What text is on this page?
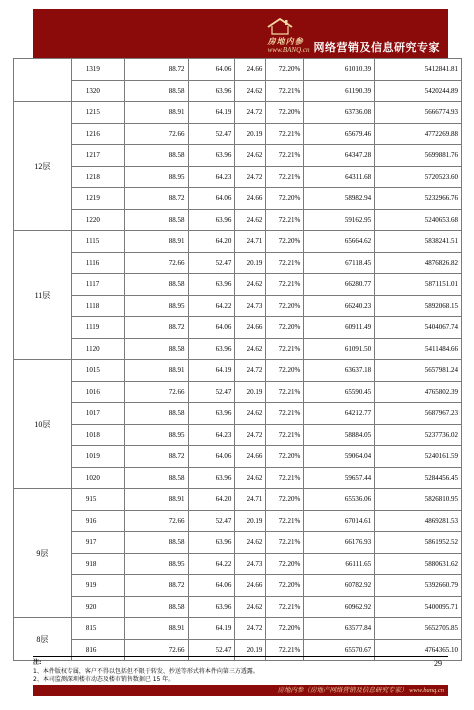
房地内参
www.BANQ.cn 网络营销及信息研究专家
	1319	88.72	64.06	24.66	72.20%	61010.39	5412841.81
	1320	88.58	63.96	24.62	72.21%	61190.39	5420244.89
12层	1215	88.91	64.19	24.72	72.20%	63736.08	5666774.93
	1216	72.66	52.47	20.19	72.21%	65679.46	4772269.88
	1217	88.58	63.96	24.62	72.21%	64347.28	5699881.76
	1218	88.95	64.23	24.72	72.21%	64311.68	5720523.60
	1219	88.72	64.06	24.66	72.20%	58982.94	5232966.76
	1220	88.58	63.96	24.62	72.21%	59162.95	5240653.68
11层	1115	88.91	64.20	24.71	72.20%	65664.62	5838241.51
	1116	72.66	52.47	20.19	72.21%	67118.45	4876826.82
	1117	88.58	63.96	24.62	72.21%	66280.77	5871151.01
	1118	88.95	64.22	24.73	72.20%	66240.23	5892068.15
	1119	88.72	64.06	24.66	72.20%	60911.49	5404067.74
	1120	88.58	63.96	24.62	72.21%	61091.50	5411484.66
10层	1015	88.91	64.19	24.72	72.20%	63637.18	5657981.24
	1016	72.66	52.47	20.19	72.21%	65590.45	4765802.39
	1017	88.58	63.96	24.62	72.21%	64212.77	5687967.23
	1018	88.95	64.23	24.72	72.21%	58884.05	5237736.02
	1019	88.72	64.06	24.66	72.20%	59064.04	5240161.59
	1020	88.58	63.96	24.62	72.21%	59657.44	5284456.45
9层	915	88.91	64.20	24.71	72.20%	65536.06	5826810.95
	916	72.66	52.47	20.19	72.21%	67014.61	4869281.53
	917	88.58	63.96	24.62	72.21%	66176.93	5861952.52
	918	88.95	64.22	24.73	72.20%	66111.65	5880631.62
	919	88.72	64.06	24.66	72.20%	60782.92	5392660.79
	920	88.58	63.96	24.62	72.21%	60962.92	5400095.71
8层	815	88.91	64.19	24.72	72.20%	63577.84	5652705.85
	816	72.66	52.47	20.19	72.21%	65570.67	4764365.10
注:
1、本件版权专属，客户不得以包括但不限于转发、抄送等形式将本件向第三方透露。
2、本司监测深圳楼市动态及楼市销售数据已 15 年。
29
房地内参（房地产网络营销及信息研究专家） www.banq.cn
